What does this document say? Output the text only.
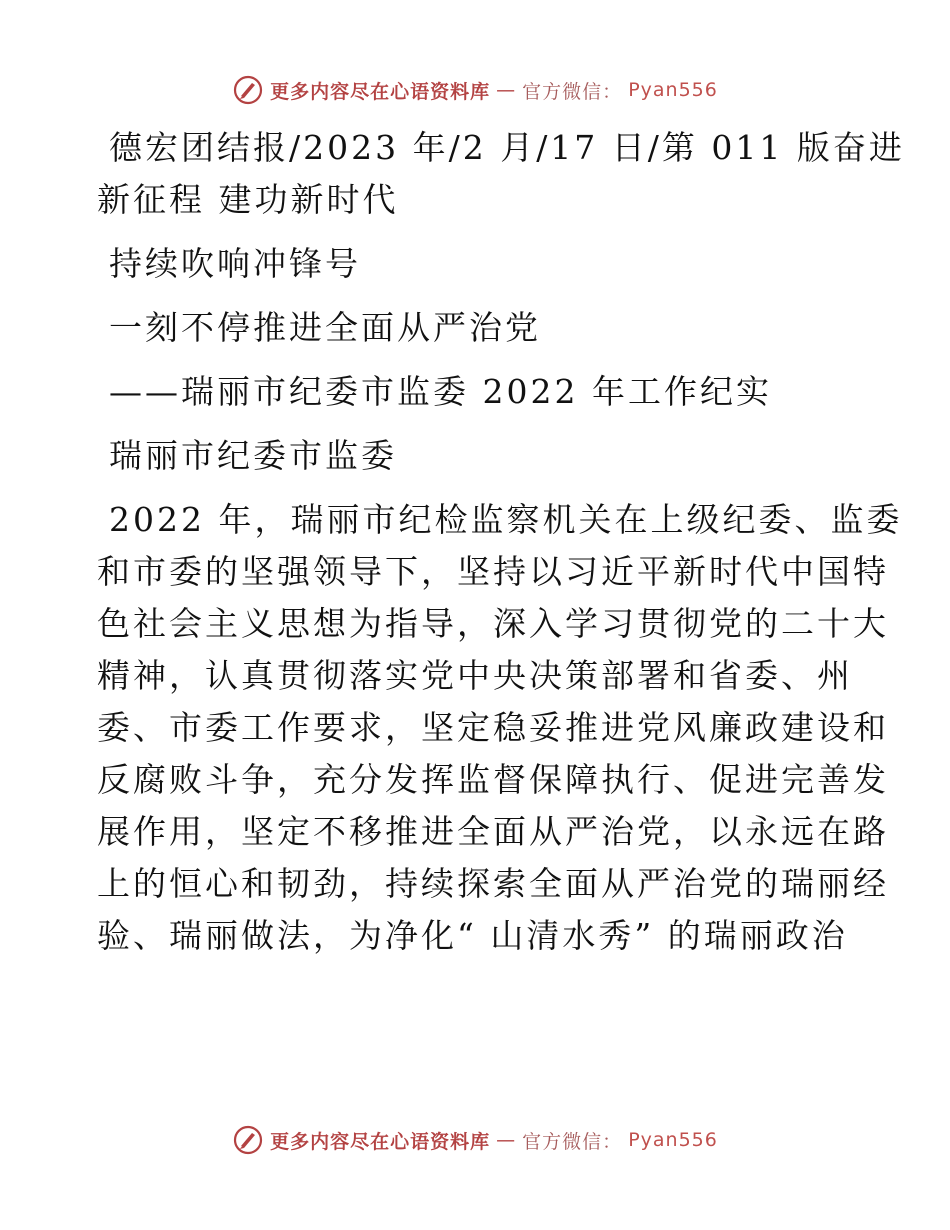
更多内容尽在心语资料库 — 官方微信： Pyan556
德宏团结报/2023 年/2 月/17 日/第 011 版奋进
新征程 建功新时代
持续吹响冲锋号
一刻不停推进全面从严治党
——瑞丽市纪委市监委 2022 年工作纪实
瑞丽市纪委市监委
2022 年，瑞丽市纪检监察机关在上级纪委、监委
和市委的坚强领导下，坚持以习近平新时代中国特
色社会主义思想为指导，深入学习贯彻党的二十大
精神，认真贯彻落实党中央决策部署和省委、州
委、市委工作要求，坚定稳妥推进党风廉政建设和
反腐败斗争，充分发挥监督保障执行、促进完善发
展作用，坚定不移推进全面从严治党，以永远在路
上的恒心和韧劲，持续探索全面从严治党的瑞丽经
验、瑞丽做法，为净化“ 山清水秀” 的瑞丽政治
更多内容尽在心语资料库 — 官方微信： Pyan556
